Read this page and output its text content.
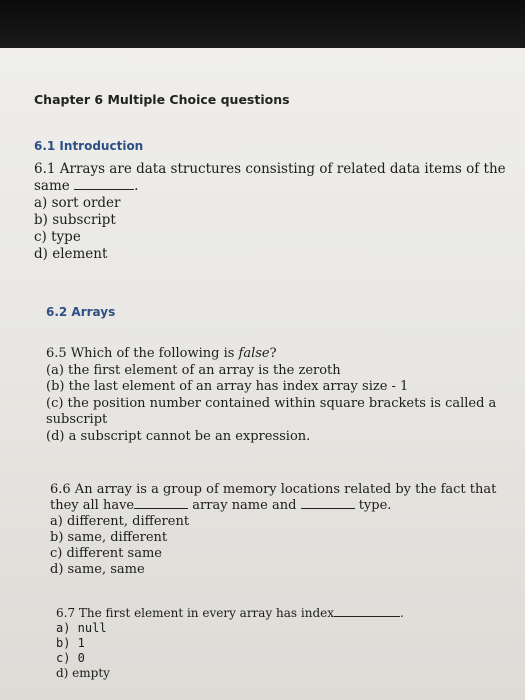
Chapter 6 Multiple Choice questions
6.1 Introduction
6.1 Arrays are data structures consisting of related data items of the
same	.
a) sort order
b) subscript
c) type
d) element
6.2 Arrays
6.5 Which of the following is false?
(a) the first element of an array is the zeroth
(b) the last element of an array has index array size - 1
(c) the position number contained within square brackets is called a
subscript
(d) a subscript cannot be an expression.
6.6 An array is a group of memory locations related by the fact that
they all have	array name and	type.
a) different, different
b) same, different
c) different same
d) same, same
6.7 The first element in every array has index	.
a) null
b) 1
c) 0
d) empty
